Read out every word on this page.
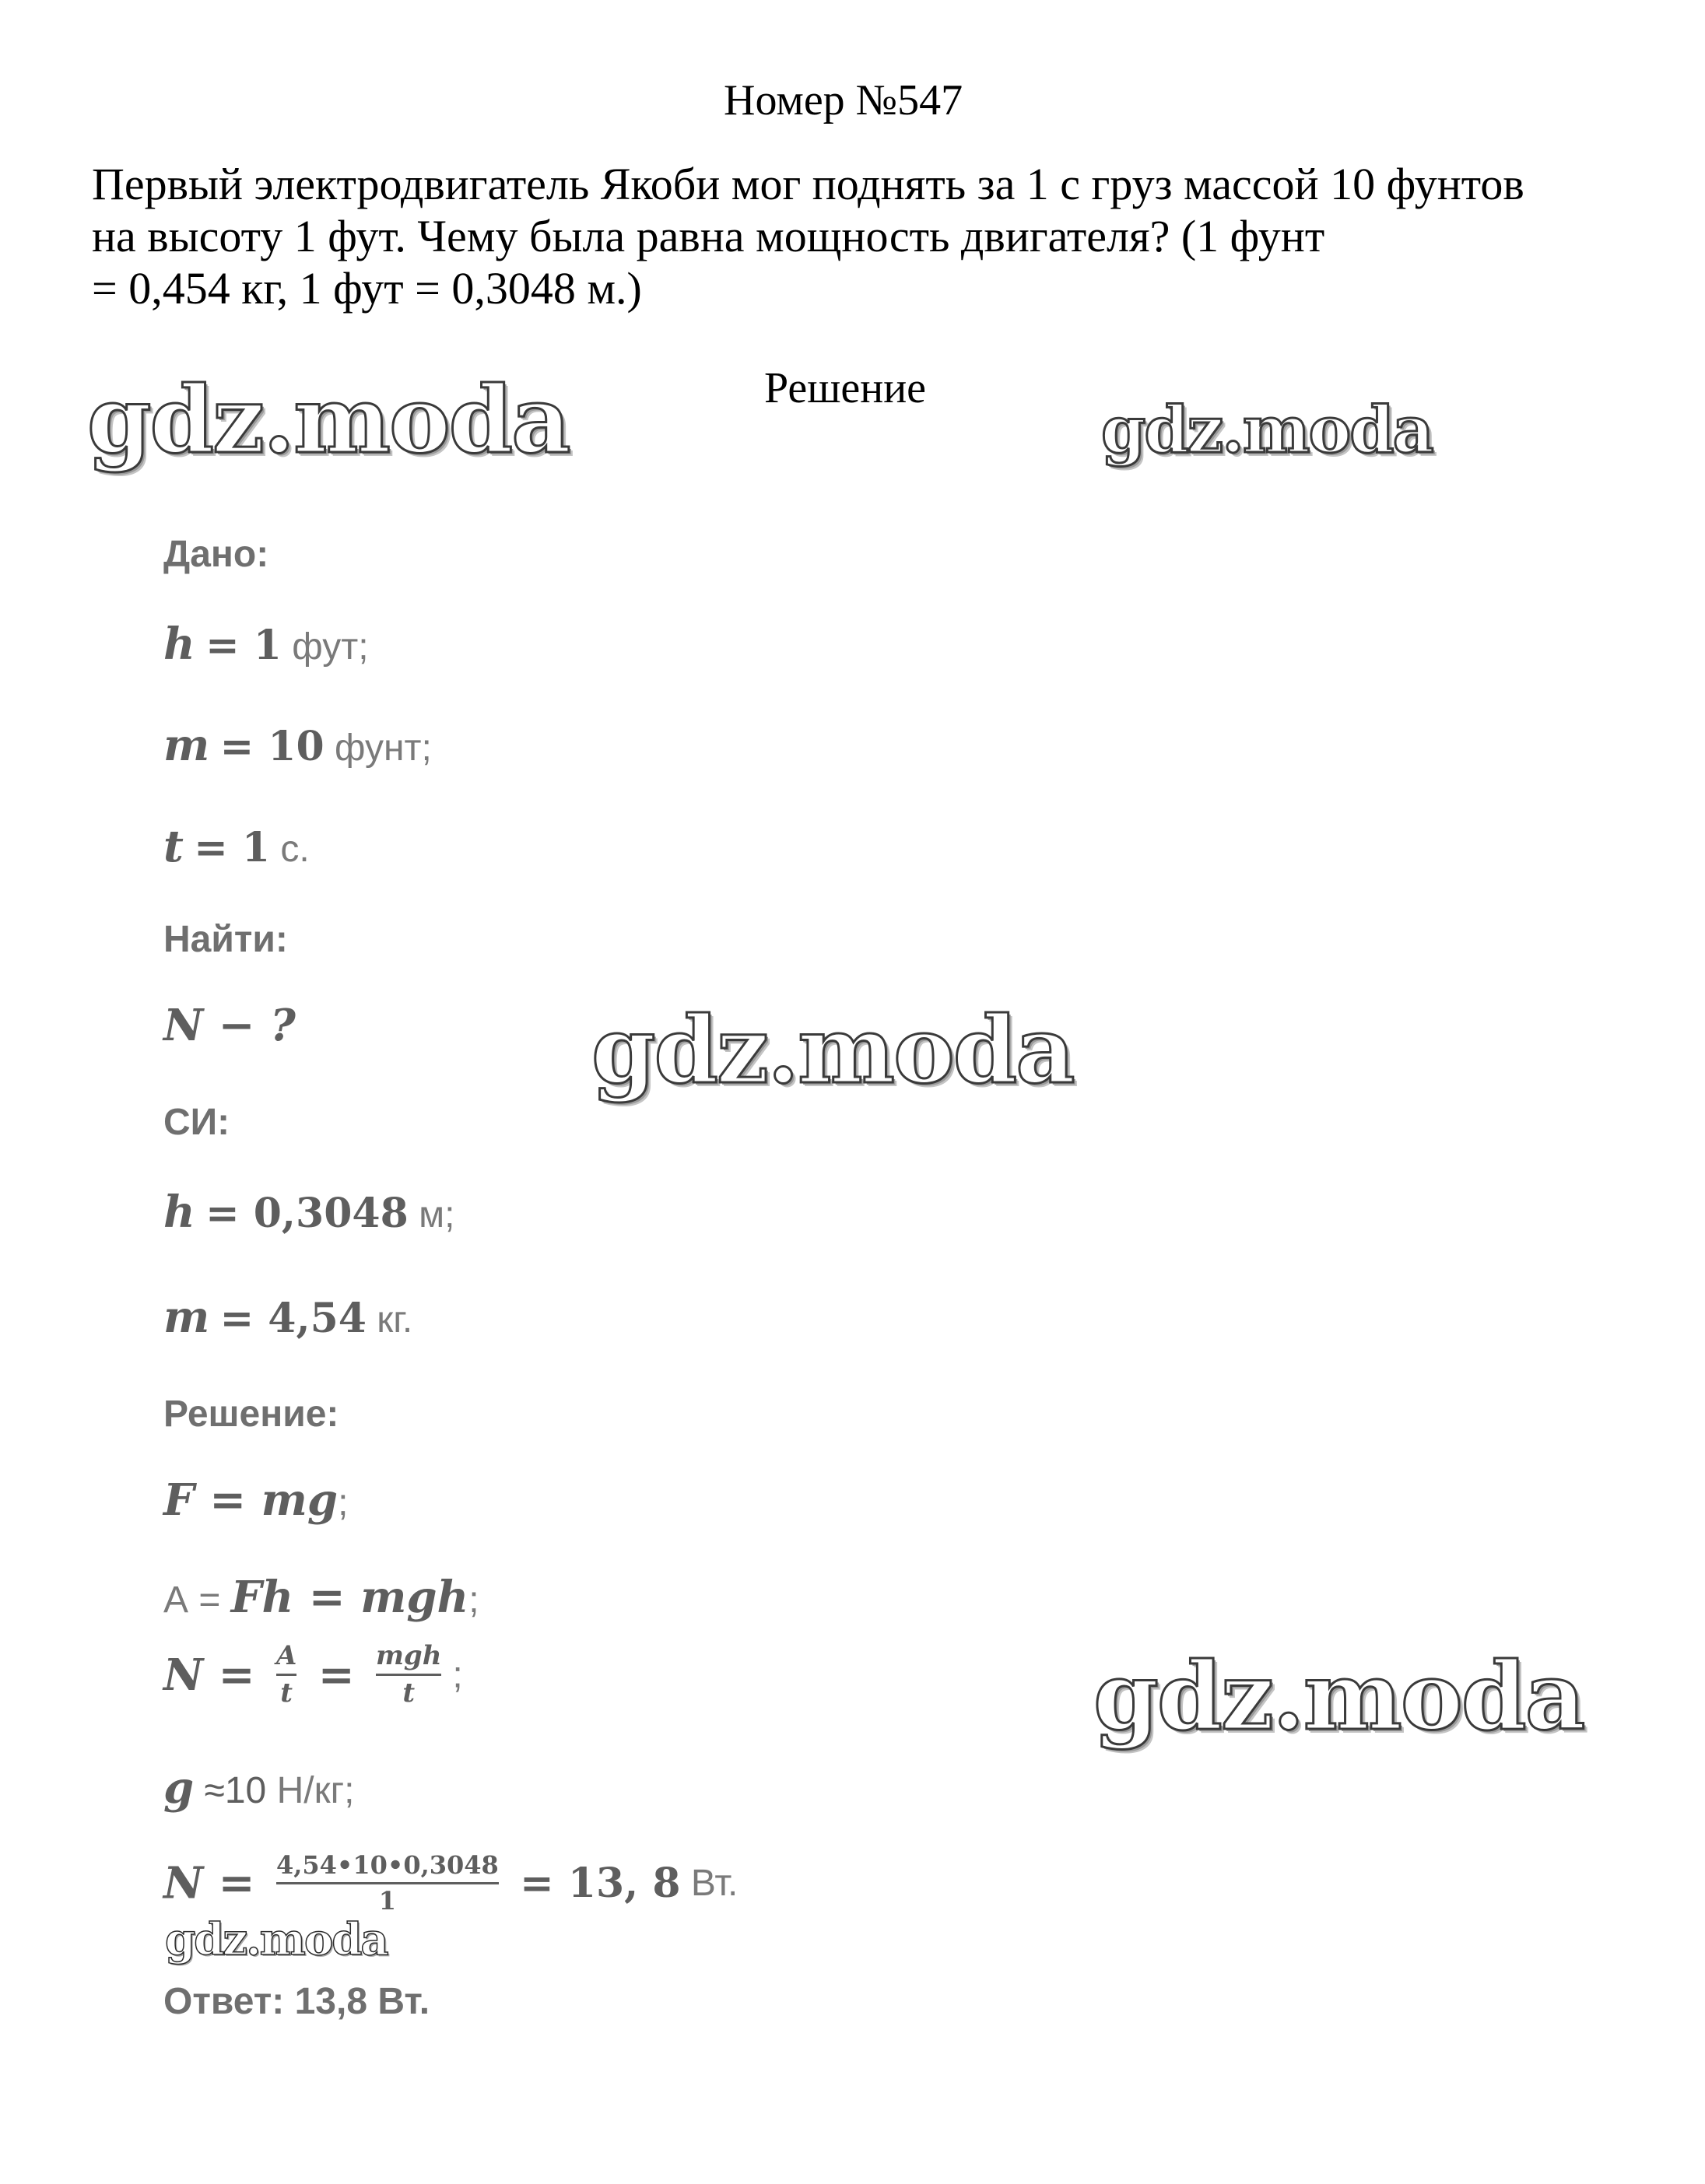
Номер №547
Первый электродвигатель Якоби мог поднять за 1 с груз массой 10 фунтов
на высоту 1 фут. Чему была равна мощность двигателя? (1 фунт
= 0,454 кг, 1 фут = 0,3048 м.)
Решение
gdz.moda	gdz.moda
gdz.moda
gdz.moda
Дано:
h = 1 фут;
m = 10 фунт;
t = 1 с.
Найти:
N − ?
СИ:
h = 0,3048 м;
m = 4,54 кг.
Решение:
F = mg;
А = Fh = mgh;
$N = \frac{A}{t} = \frac{\text{mgh}}{t}$ ;
g ≈10 Н/кг;
$N = \frac{4,54•10•0,3048}{1} = 13$, 8 Вт.
gdz.moda
Ответ: 13,8 Вт.
